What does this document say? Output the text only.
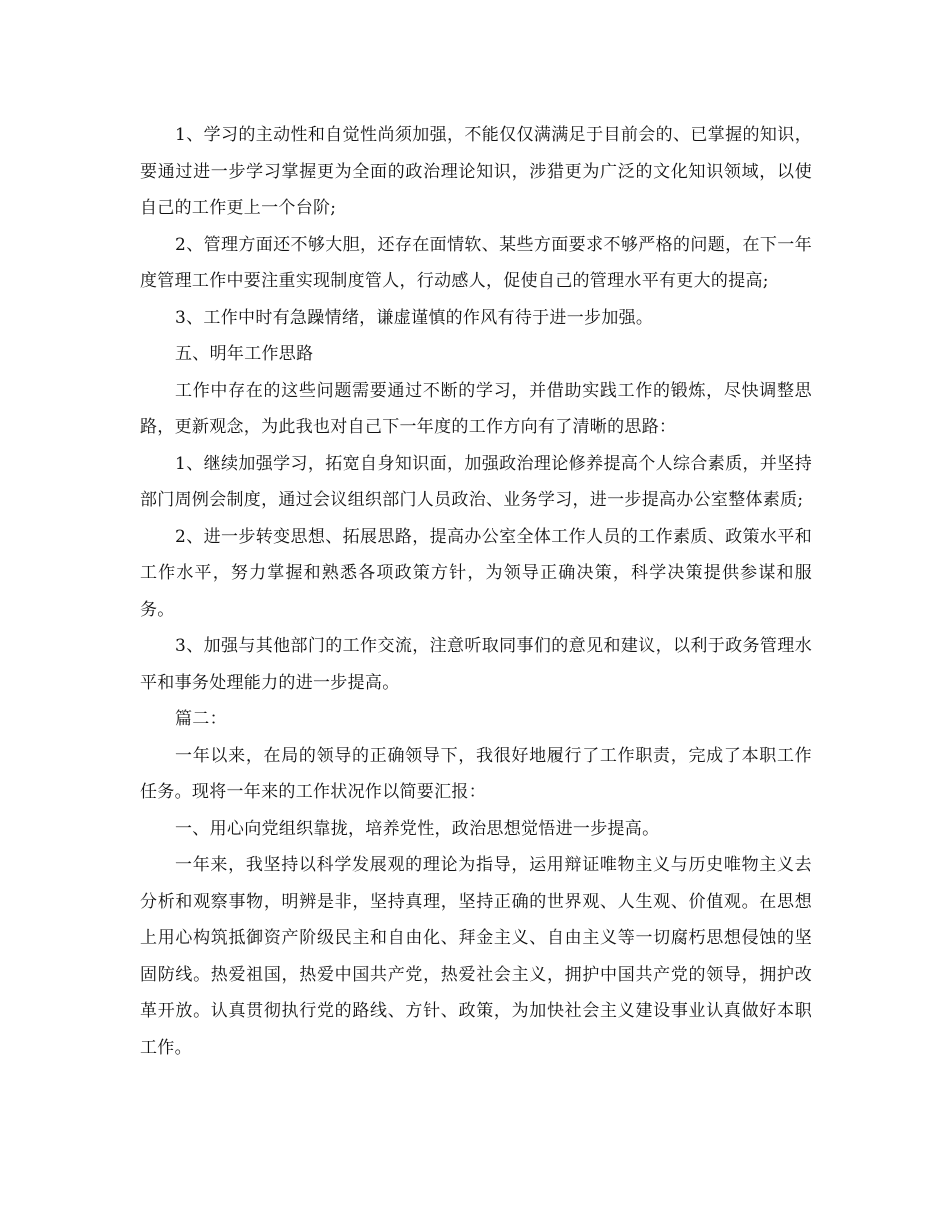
1、学习的主动性和自觉性尚须加强，不能仅仅满满足于目前会的、已掌握的知识，要通过进一步学习掌握更为全面的政治理论知识，涉猎更为广泛的文化知识领域，以使自己的工作更上一个台阶;

2、管理方面还不够大胆，还存在面情软、某些方面要求不够严格的问题，在下一年度管理工作中要注重实现制度管人，行动感人，促使自己的管理水平有更大的提高;

3、工作中时有急躁情绪，谦虚谨慎的作风有待于进一步加强。

五、明年工作思路

工作中存在的这些问题需要通过不断的学习，并借助实践工作的锻炼，尽快调整思路，更新观念，为此我也对自己下一年度的工作方向有了清晰的思路：

1、继续加强学习，拓宽自身知识面，加强政治理论修养提高个人综合素质，并坚持部门周例会制度，通过会议组织部门人员政治、业务学习，进一步提高办公室整体素质;

2、进一步转变思想、拓展思路，提高办公室全体工作人员的工作素质、政策水平和工作水平，努力掌握和熟悉各项政策方针，为领导正确决策，科学决策提供参谋和服务。

3、加强与其他部门的工作交流，注意听取同事们的意见和建议，以利于政务管理水平和事务处理能力的进一步提高。

篇二：

一年以来，在局的领导的正确领导下，我很好地履行了工作职责，完成了本职工作任务。现将一年来的工作状况作以简要汇报：

一、用心向党组织靠拢，培养党性，政治思想觉悟进一步提高。

一年来，我坚持以科学发展观的理论为指导，运用辩证唯物主义与历史唯物主义去分析和观察事物，明辨是非，坚持真理，坚持正确的世界观、人生观、价值观。在思想上用心构筑抵御资产阶级民主和自由化、拜金主义、自由主义等一切腐朽思想侵蚀的坚固防线。热爱祖国，热爱中国共产党，热爱社会主义，拥护中国共产党的领导，拥护改革开放。认真贯彻执行党的路线、方针、政策，为加快社会主义建设事业认真做好本职工作。
